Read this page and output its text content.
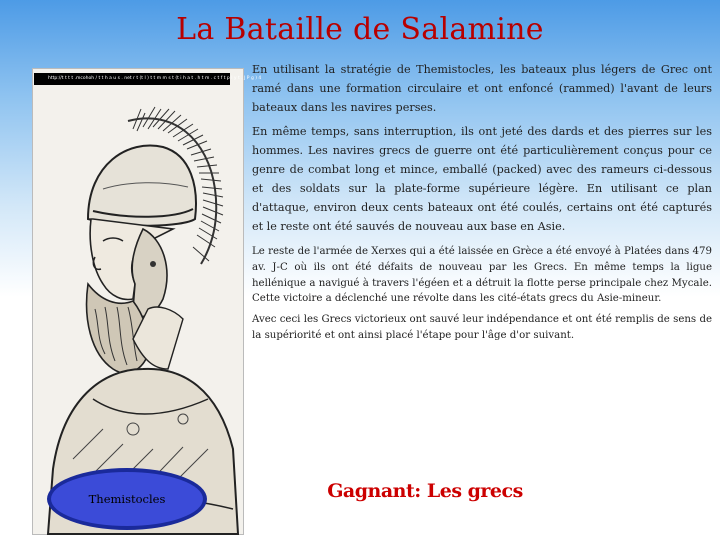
La Bataille de Salamine
http://t t t t .mcohoh / t t h a u s . net r t (t l ) t t m m s t (t i h a t . h t m . c t f t p l y t . J P g ) 4
Themistocles

En utilisant la stratégie de Themistocles, les bateaux plus légers de Grec ont ramé dans une formation circulaire et ont enfoncé (rammed) l'avant de leurs bateaux dans les navires perses.

En même temps, sans interruption, ils ont jeté des dards et des pierres sur les hommes. Les navires grecs de guerre ont été particulièrement conçus pour ce genre de combat long et mince, emballé (packed) avec des rameurs ci-dessous et des soldats sur la plate-forme supérieure légère. En utilisant ce plan d'attaque, environ deux cents bateaux ont été coulés, certains ont été capturés et le reste ont été sauvés de nouveau aux base en Asie.

Le reste de l'armée de Xerxes qui a été laissée en Grèce a été envoyé à Platées dans 479 av. J-C où ils ont été défaits de nouveau par les Grecs. En même temps la ligue hellénique a navigué à travers l'égéen et a détruit la flotte perse principale chez Mycale. Cette victoire a déclenché une révolte dans les cité-états grecs du Asie-mineur.

Avec ceci les Grecs victorieux ont sauvé leur indépendance et ont été remplis de sens de la supériorité et ont ainsi placé l'étape pour l'âge d'or suivant.

Gagnant: Les grecs
